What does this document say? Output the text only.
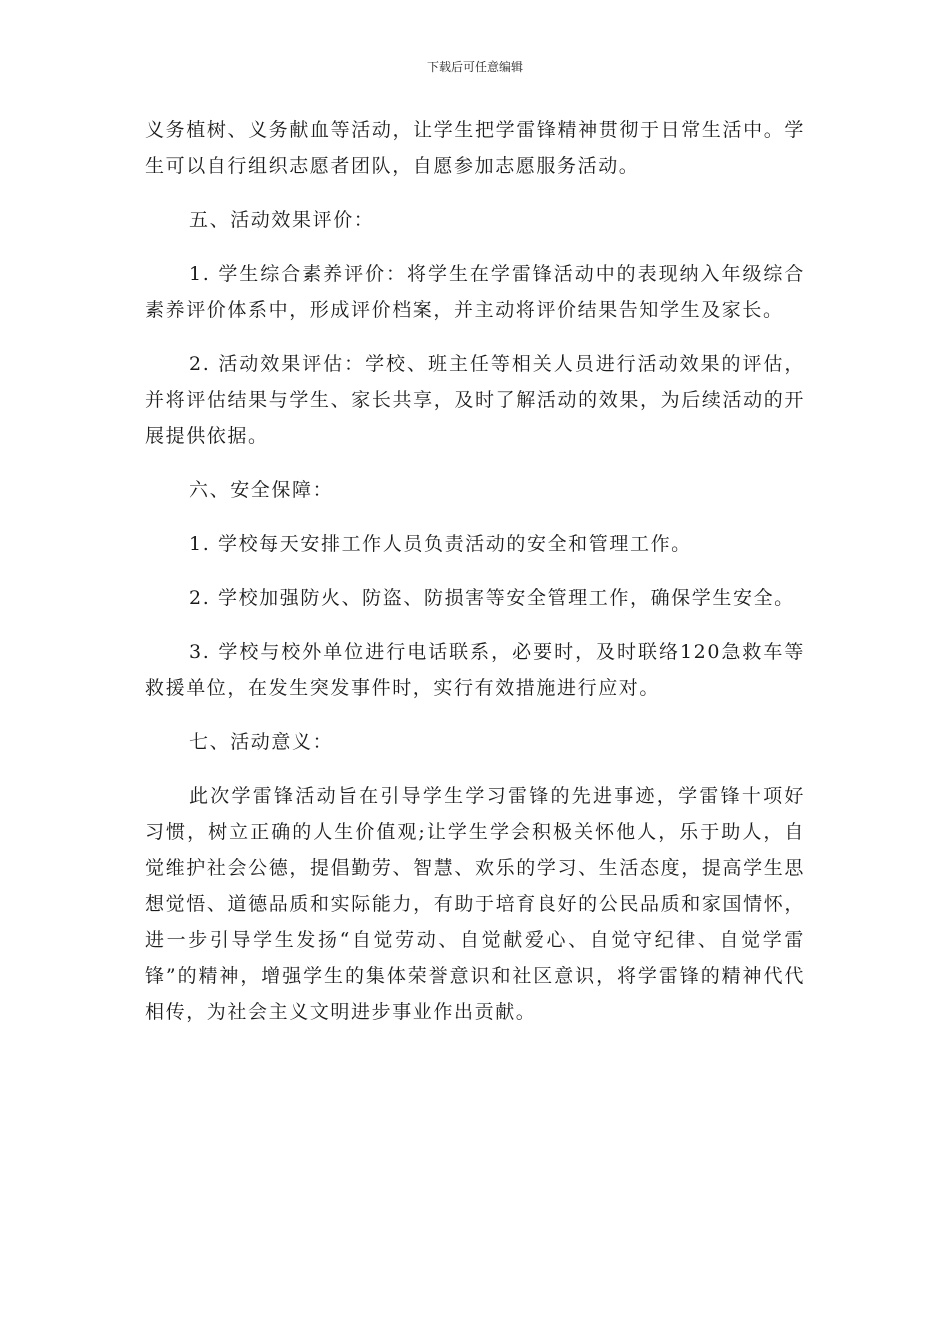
下载后可任意编辑

义务植树、义务献血等活动，让学生把学雷锋精神贯彻于日常生活中。学生可以自行组织志愿者团队，自愿参加志愿服务活动。

五、活动效果评价：

1. 学生综合素养评价：将学生在学雷锋活动中的表现纳入年级综合素养评价体系中，形成评价档案，并主动将评价结果告知学生及家长。

2. 活动效果评估：学校、班主任等相关人员进行活动效果的评估，并将评估结果与学生、家长共享，及时了解活动的效果，为后续活动的开展提供依据。

六、安全保障：

1. 学校每天安排工作人员负责活动的安全和管理工作。

2. 学校加强防火、防盗、防损害等安全管理工作，确保学生安全。

3. 学校与校外单位进行电话联系，必要时，及时联络120急救车等救援单位，在发生突发事件时，实行有效措施进行应对。

七、活动意义：

此次学雷锋活动旨在引导学生学习雷锋的先进事迹，学雷锋十项好习惯，树立正确的人生价值观;让学生学会积极关怀他人，乐于助人，自觉维护社会公德，提倡勤劳、智慧、欢乐的学习、生活态度，提高学生思想觉悟、道德品质和实际能力，有助于培育良好的公民品质和家国情怀，进一步引导学生发扬“自觉劳动、自觉献爱心、自觉守纪律、自觉学雷锋”的精神，增强学生的集体荣誉意识和社区意识，将学雷锋的精神代代相传，为社会主义文明进步事业作出贡献。
